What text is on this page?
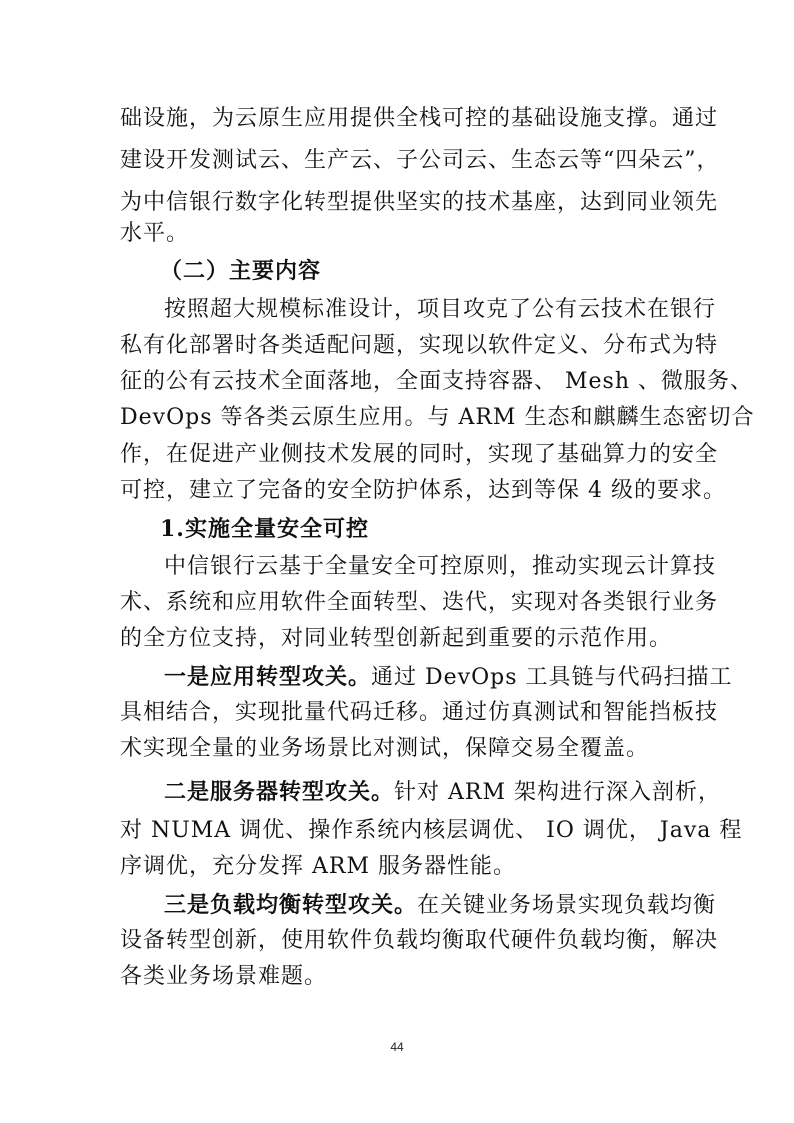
础设施，为云原生应用提供全栈可控的基础设施支撑。通过
建设开发测试云、生产云、子公司云、生态云等“四朵云”，
为中信银行数字化转型提供坚实的技术基座，达到同业领先
水平。
（二）主要内容
按照超大规模标准设计，项目攻克了公有云技术在银行
私有化部署时各类适配问题，实现以软件定义、分布式为特
征的公有云技术全面落地，全面支持容器、 Mesh 、微服务、
DevOps 等各类云原生应用。与 ARM 生态和麒麟生态密切合
作，在促进产业侧技术发展的同时，实现了基础算力的安全
可控，建立了完备的安全防护体系，达到等保 4 级的要求。
1.实施全量安全可控
中信银行云基于全量安全可控原则，推动实现云计算技
术、系统和应用软件全面转型、迭代，实现对各类银行业务
的全方位支持，对同业转型创新起到重要的示范作用。
一是应用转型攻关。通过 DevOps 工具链与代码扫描工
具相结合，实现批量代码迁移。通过仿真测试和智能挡板技
术实现全量的业务场景比对测试，保障交易全覆盖。
二是服务器转型攻关。针对 ARM 架构进行深入剖析，
对 NUMA 调优、操作系统内核层调优、 IO 调优， Java 程
序调优，充分发挥 ARM 服务器性能。
三是负载均衡转型攻关。在关键业务场景实现负载均衡
设备转型创新，使用软件负载均衡取代硬件负载均衡，解决
各类业务场景难题。
44
